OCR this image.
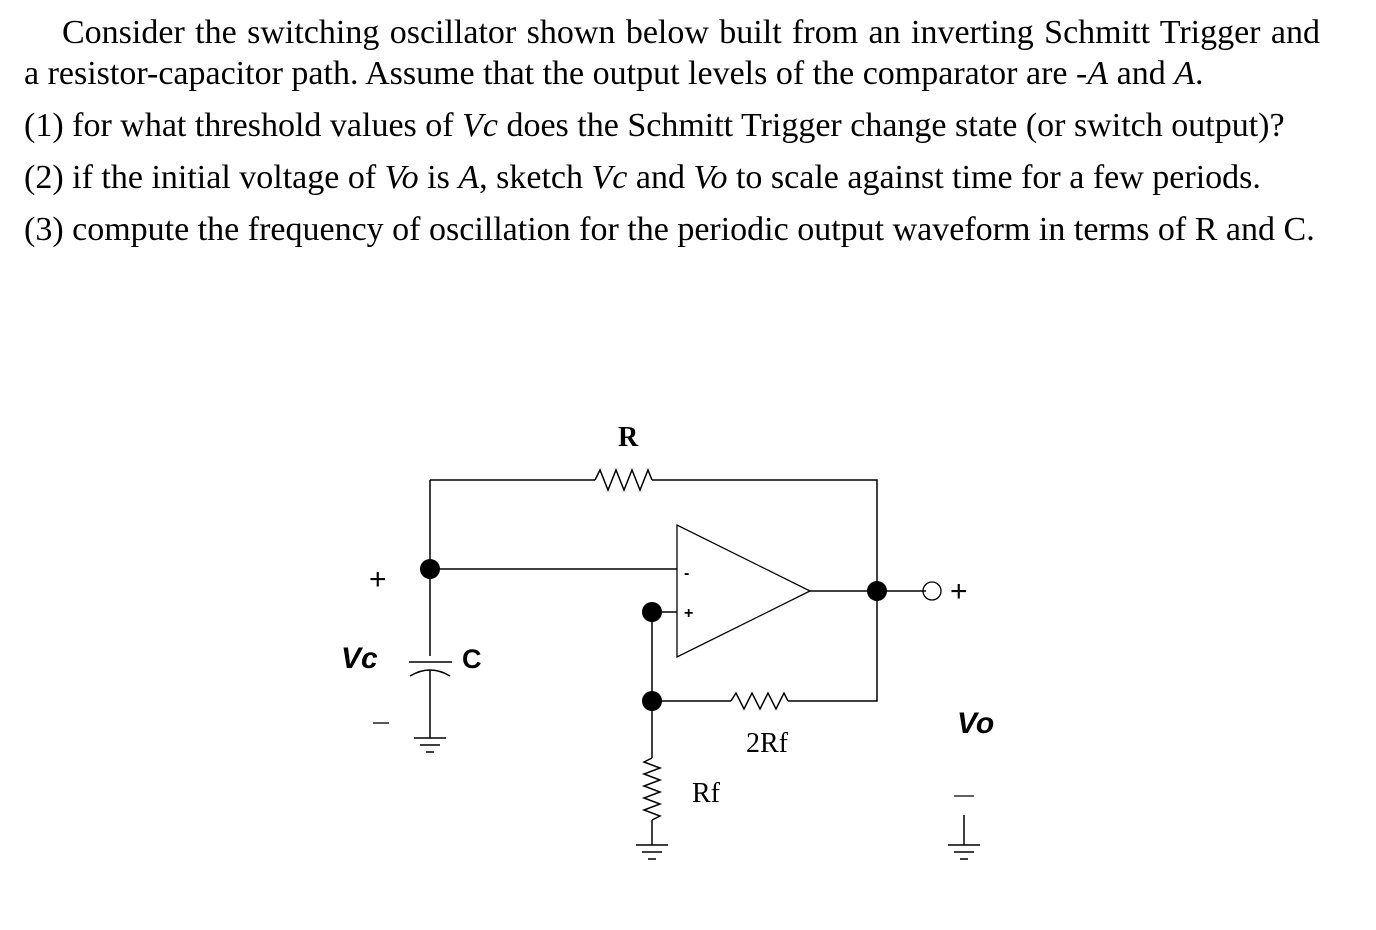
Consider the switching oscillator shown below built from an inverting Schmitt Trigger and a resistor-capacitor path. Assume that the output levels of the comparator are -A and A.

(1) for what threshold values of Vc does the Schmitt Trigger change state (or switch output)?

(2) if the initial voltage of Vo is A, sketch Vc and Vo to scale against time for a few periods.

(3) compute the frequency of oscillation for the periodic output waveform in terms of R and C.

R
C
Vc
Vo
2Rf
Rf
+	+
-
+
